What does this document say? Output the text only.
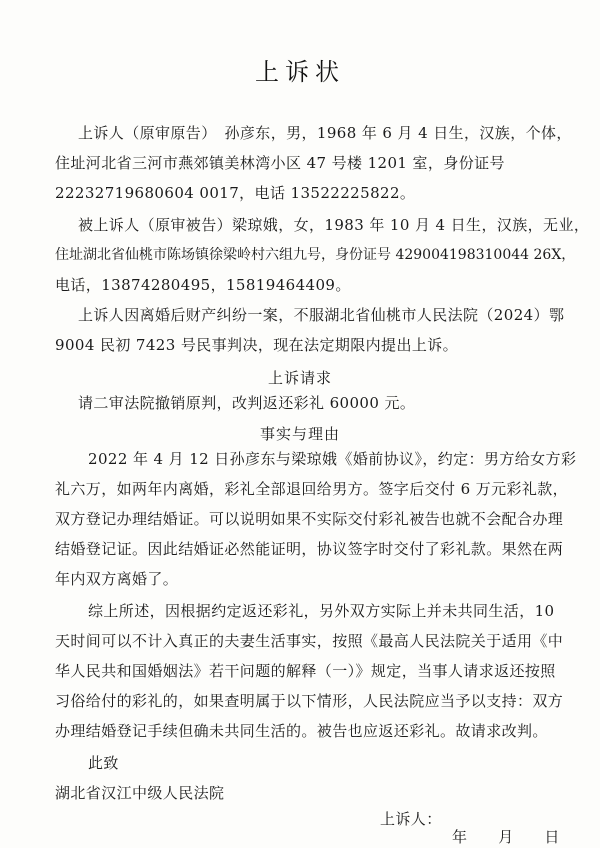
上诉状
上诉人（原审原告）　孙彦东，男，1968 年 6 月 4 日生，汉族，个体，
住址河北省三河市燕郊镇美林湾小区 47 号楼 1201 室，身份证号
22232719680604 0017，电话 13522225822。
被上诉人（原审被告）梁琼娥，女，1983 年 10 月 4 日生，汉族，无业，
住址湖北省仙桃市陈场镇徐梁岭村六组九号，身份证号 429004198310044 26X，
电话，13874280495，15819464409。
上诉人因离婚后财产纠纷一案，不服湖北省仙桃市人民法院（2024）鄂
9004 民初 7423 号民事判决，现在法定期限内提出上诉。
上诉请求
请二审法院撤销原判，改判返还彩礼 60000 元。
事实与理由
2022 年 4 月 12 日孙彦东与梁琼娥《婚前协议》，约定：男方给女方彩
礼六万，如两年内离婚，彩礼全部退回给男方。签字后交付 6 万元彩礼款，
双方登记办理结婚证。可以说明如果不实际交付彩礼被告也就不会配合办理
结婚登记证。因此结婚证必然能证明，协议签字时交付了彩礼款。果然在两
年内双方离婚了。
综上所述，因根据约定返还彩礼，另外双方实际上并未共同生活，10
天时间可以不计入真正的夫妻生活事实，按照《最高人民法院关于适用《中
华人民共和国婚姻法》若干问题的解释（一）》规定，当事人请求返还按照
习俗给付的彩礼的，如果查明属于以下情形，人民法院应当予以支持：双方
办理结婚登记手续但确未共同生活的。被告也应返还彩礼。故请求改判。
此致
湖北省汉江中级人民法院
上诉人：
年　　月　　日
